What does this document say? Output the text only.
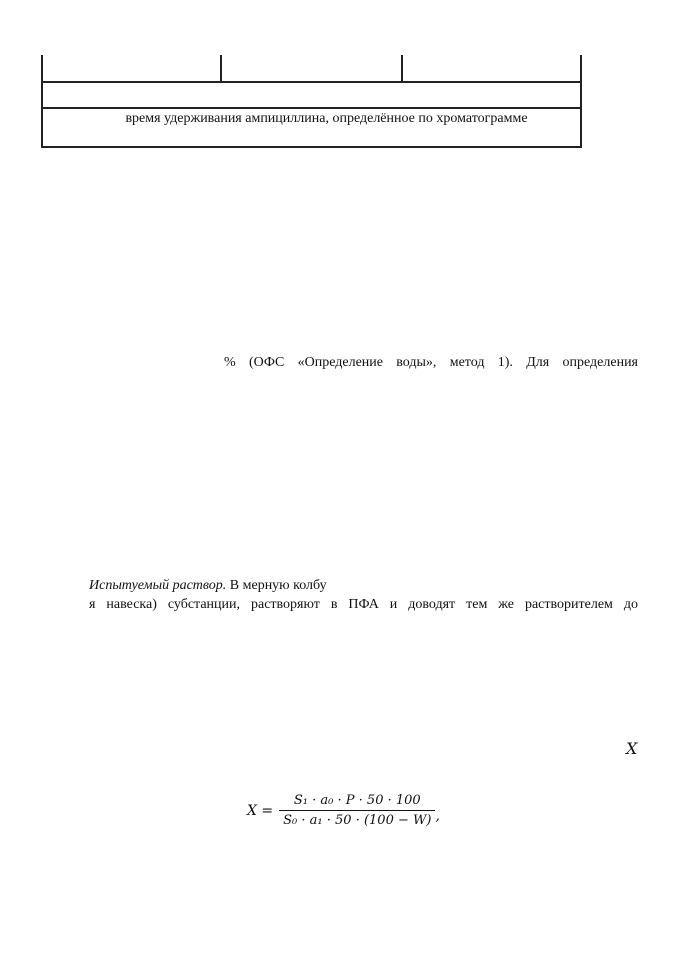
время удерживания ампициллина, определённое по хроматограмме
% (ОФС «Определение воды», метод 1). Для определения
Испытуемый раствор. В мерную колбу
я навеска) субстанции, растворяют в ПФА и доводят тем же растворителем до
X
$X = \frac{\text{S₁ · a₀ · P · 50 · 100}}{\text{S₀ · a₁ · 50 · (100 − W)}}$ ,
